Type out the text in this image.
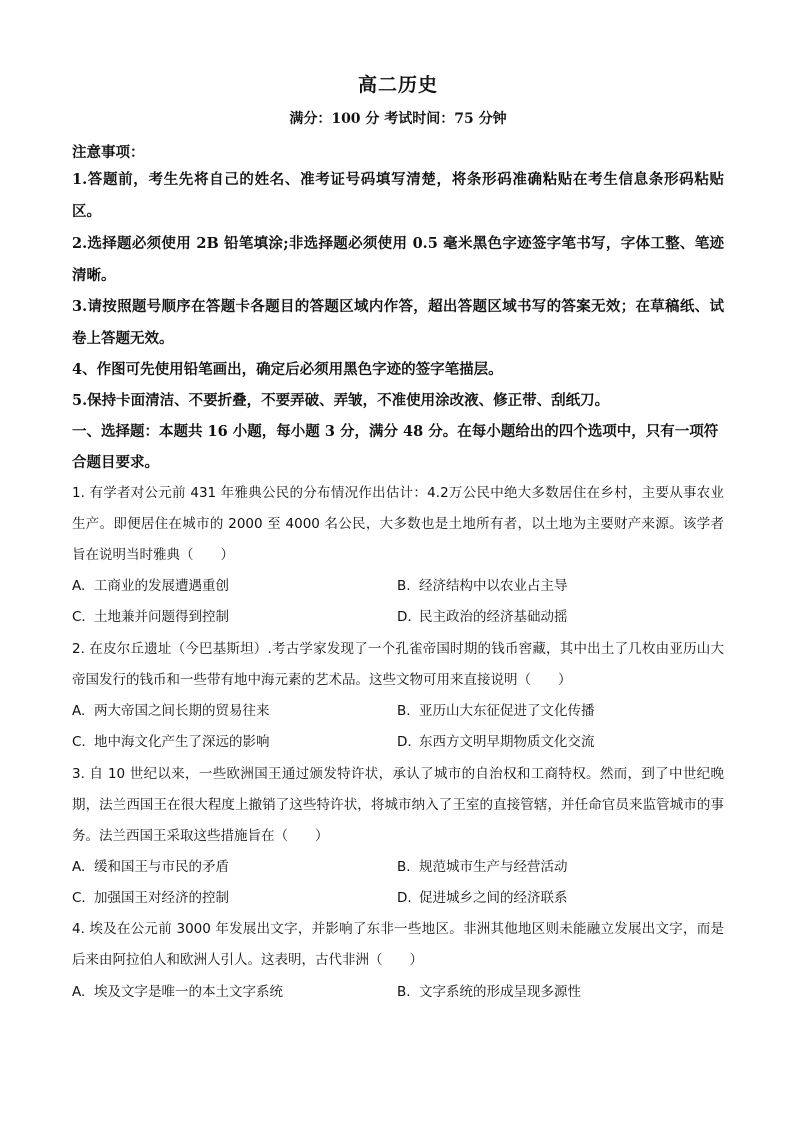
高二历史
满分：100 分 考试时间：75 分钟
注意事项：
1.答题前，考生先将自己的姓名、准考证号码填写清楚，将条形码准确粘贴在考生信息条形码粘贴区。
2.选择题必须使用 2B 铅笔填涂;非选择题必须使用 0.5 毫米黑色字迹签字笔书写，字体工整、笔迹清晰。
3.请按照题号顺序在答题卡各题目的答题区域内作答，超出答题区域书写的答案无效；在草稿纸、试卷上答题无效。
4、作图可先使用铅笔画出，确定后必须用黑色字迹的签字笔描层。
5.保持卡面清洁、不要折叠，不要弄破、弄皱，不准使用涂改液、修正带、刮纸刀。
一、选择题：本题共 16 小题，每小题 3 分，满分 48 分。在每小题给出的四个选项中，只有一项符合题目要求。
1. 有学者对公元前 431 年雅典公民的分布情况作出估计：4.2万公民中绝大多数居住在乡村，主要从事农业生产。即便居住在城市的 2000 至 4000 名公民，大多数也是土地所有者，以土地为主要财产来源。该学者旨在说明当时雅典（　　）
A. 工商业的发展遭遇重创	B. 经济结构中以农业占主导
C. 土地兼并问题得到控制	D. 民主政治的经济基础动摇
2. 在皮尔丘遗址（今巴基斯坦）.考古学家发现了一个孔雀帝国时期的钱币窖藏，其中出土了几枚由亚历山大帝国发行的钱币和一些带有地中海元素的艺术品。这些文物可用来直接说明（　　）
A. 两大帝国之间长期的贸易往来	B. 亚历山大东征促进了文化传播
C. 地中海文化产生了深远的影响	D. 东西方文明早期物质文化交流
3. 自 10 世纪以来，一些欧洲国王通过颁发特许状，承认了城市的自治权和工商特权。然而，到了中世纪晚期，法兰西国王在很大程度上撤销了这些特许状，将城市纳入了王室的直接管辖，并任命官员来监管城市的事务。法兰西国王采取这些措施旨在（　　）
A. 缓和国王与市民的矛盾	B. 规范城市生产与经营活动
C. 加强国王对经济的控制	D. 促进城乡之间的经济联系
4. 埃及在公元前 3000 年发展出文字，并影响了东非一些地区。非洲其他地区则未能融立发展出文字，而是后来由阿拉伯人和欧洲人引人。这表明，古代非洲（　　）
A. 埃及文字是唯一的本土文字系统	B. 文字系统的形成呈现多源性
